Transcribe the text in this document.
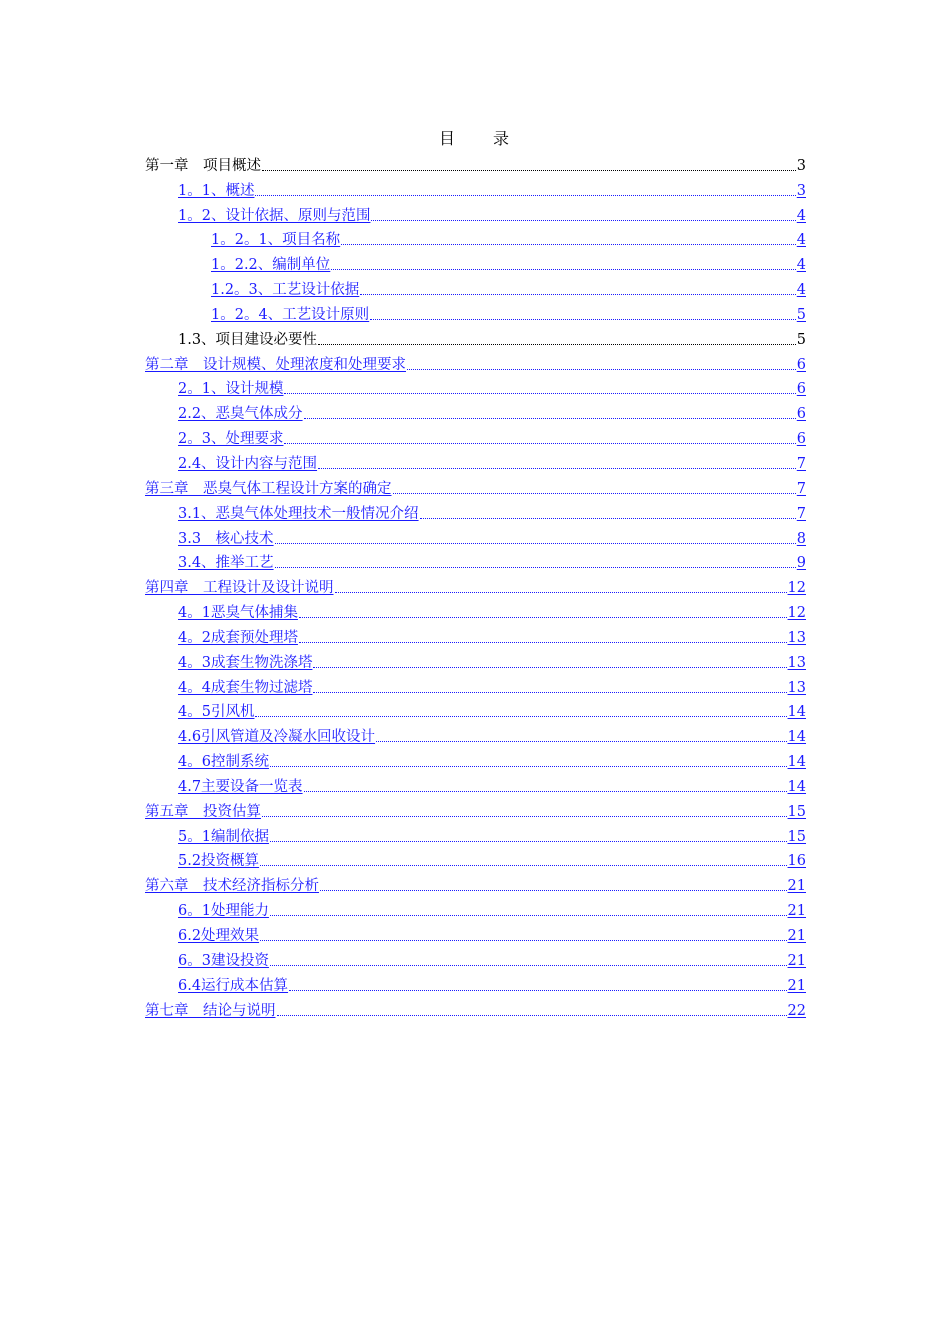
目　　录
第一章　项目概述	3
1。1、概述	3
1。2、设计依据、原则与范围	4
1。2。1、项目名称	4
1。2.2、编制单位	4
1.2。3、工艺设计依据	4
1。2。4、工艺设计原则	5
1.3、项目建设必要性	5
第二章　设计规模、处理浓度和处理要求	6
2。1、设计规模	6
2.2、恶臭气体成分	6
2。3、处理要求	6
2.4、设计内容与范围	7
第三章　恶臭气体工程设计方案的确定	7
3.1、恶臭气体处理技术一般情况介绍	7
3.3　核心技术	8
3.4、推举工艺	9
第四章　工程设计及设计说明	12
4。1恶臭气体捕集	12
4。2成套预处理塔	13
4。3成套生物洗涤塔	13
4。4成套生物过滤塔	13
4。5引风机	14
4.6引风管道及冷凝水回收设计	14
4。6控制系统	14
4.7主要设备一览表	14
第五章　投资估算	15
5。1编制依据	15
5.2投资概算	16
第六章　技术经济指标分析	21
6。1处理能力	21
6.2处理效果	21
6。3建设投资	21
6.4运行成本估算	21
第七章　结论与说明	22
